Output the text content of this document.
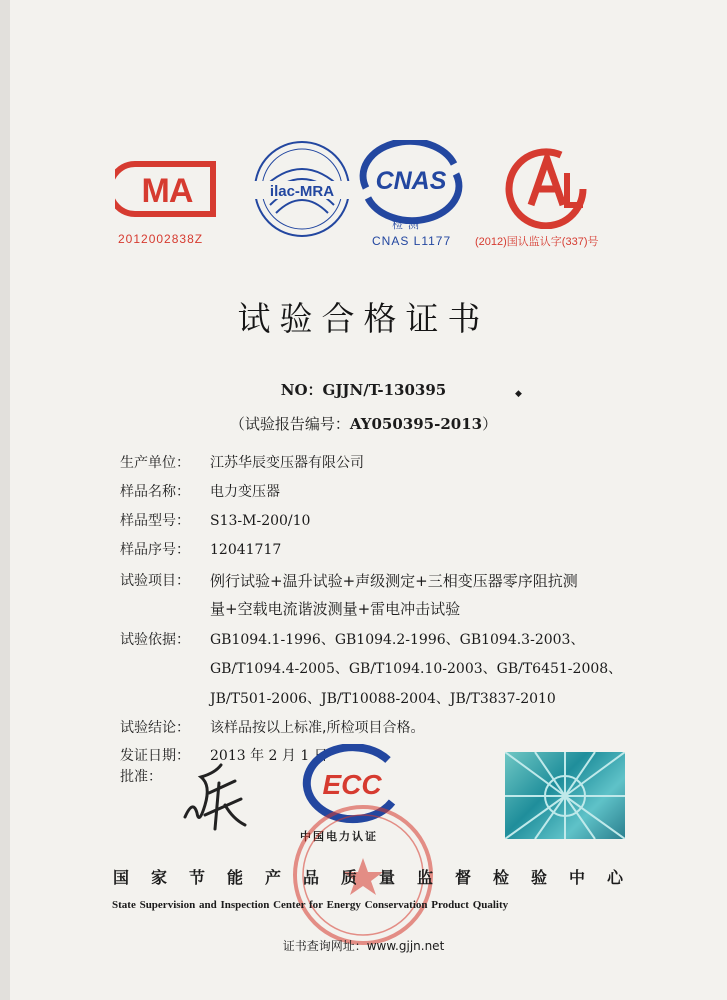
MA
2012002838Z
ilac-MRA CNAS
检 测
CNAS L1177 (2012)国认监认字(337)号
试验合格证书
NO：GJJN/T-130395	◆
（试验报告编号：AY050395-2013）
生产单位：	江苏华辰变压器有限公司
样品名称：	电力变压器
样品型号：	S13-M-200/10
样品序号：	12041717
试验项目：	例行试验+温升试验+声级测定+三相变压器零序阻抗测
量+空载电流谐波测量+雷电冲击试验
试验依据：	GB1094.1-1996、GB1094.2-1996、GB1094.3-2003、
GB/T1094.4-2005、GB/T1094.10-2003、GB/T6451-2008、
JB/T501-2006、JB/T10088-2004、JB/T3837-2010
试验结论：	该样品按以上标准,所检项目合格。
发证日期：	2013 年 2 月 1 日
批准：	ECC
中国电力认证
国家节能产品质量监督检验中心
State Supervision and Inspection Center for Energy Conservation Product Quality
证书查询网址：www.gjjn.net
